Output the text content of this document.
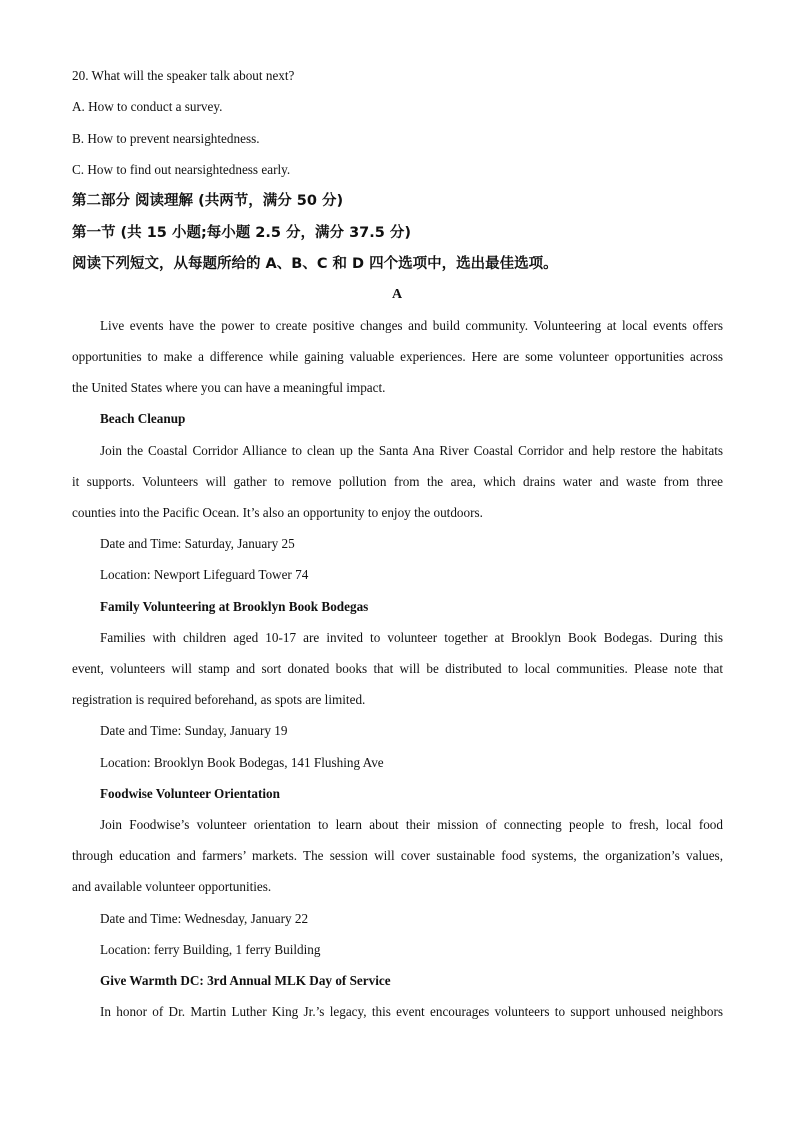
20. What will the speaker talk about next?
A. How to conduct a survey.
B. How to prevent nearsightedness.
C. How to find out nearsightedness early.
第二部分 阅读理解 (共两节，满分 50 分)
第一节 (共 15 小题;每小题 2.5 分，满分 37.5 分)
阅读下列短文，从每题所给的 A、B、C 和 D 四个选项中，选出最佳选项。
A
Live events have the power to create positive changes and build community. Volunteering at local events offers
opportunities to make a difference while gaining valuable experiences. Here are some volunteer opportunities across
the United States where you can have a meaningful impact.
Beach Cleanup
Join the Coastal Corridor Alliance to clean up the Santa Ana River Coastal Corridor and help restore the habitats
it supports. Volunteers will gather to remove pollution from the area, which drains water and waste from three
counties into the Pacific Ocean. It’s also an opportunity to enjoy the outdoors.
Date and Time: Saturday, January 25
Location: Newport Lifeguard Tower 74
Family Volunteering at Brooklyn Book Bodegas
Families with children aged 10-17 are invited to volunteer together at Brooklyn Book Bodegas. During this
event, volunteers will stamp and sort donated books that will be distributed to local communities. Please note that
registration is required beforehand, as spots are limited.
Date and Time: Sunday, January 19
Location: Brooklyn Book Bodegas, 141 Flushing Ave
Foodwise Volunteer Orientation
Join Foodwise’s volunteer orientation to learn about their mission of connecting people to fresh, local food
through education and farmers’ markets. The session will cover sustainable food systems, the organization’s values,
and available volunteer opportunities.
Date and Time: Wednesday, January 22
Location: ferry Building, 1 ferry Building
Give Warmth DC: 3rd Annual MLK Day of Service
In honor of Dr. Martin Luther King Jr.’s legacy, this event encourages volunteers to support unhoused neighbors
